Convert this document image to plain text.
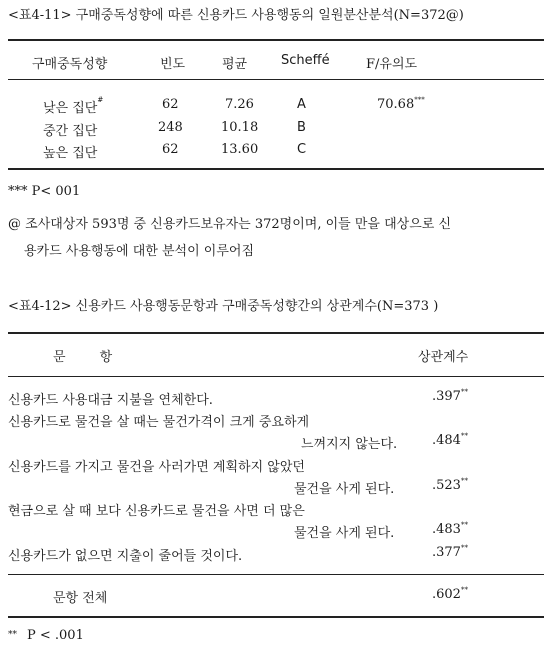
<표4-11> 구매중독성향에 따른 신용카드 사용행동의 일원분산분석(N=372@)
구매중독성향	빈도	평균	Scheffé	F/유의도
낮은 집단#	62	7.26	A	70.68***
중간 집단	248	10.18	B
높은 집단	62	13.60	C
*** P< 001
@ 조사대상자 593명 중 신용카드보유자는 372명이며, 이들 만을 대상으로 신
용카드 사용행동에 대한 분석이 이루어짐
<표4-12> 신용카드 사용행동문항과 구매중독성향간의 상관계수(N=373 )
문	항	상관계수
신용카드 사용대금 지불을 연체한다.	.397**
신용카드로 물건을 살 때는 물건가격이 크게 중요하게
느껴지지 않는다.	.484**
신용카드를 가지고 물건을 사러가면 계획하지 않았던
물건을 사게 된다.	.523**
현금으로 살 때 보다 신용카드로 물건을 사면 더 많은
물건을 사게 된다.	.483**
신용카드가 없으면 지출이 줄어들 것이다.	.377**
문항 전체	.602**
** P < .001
